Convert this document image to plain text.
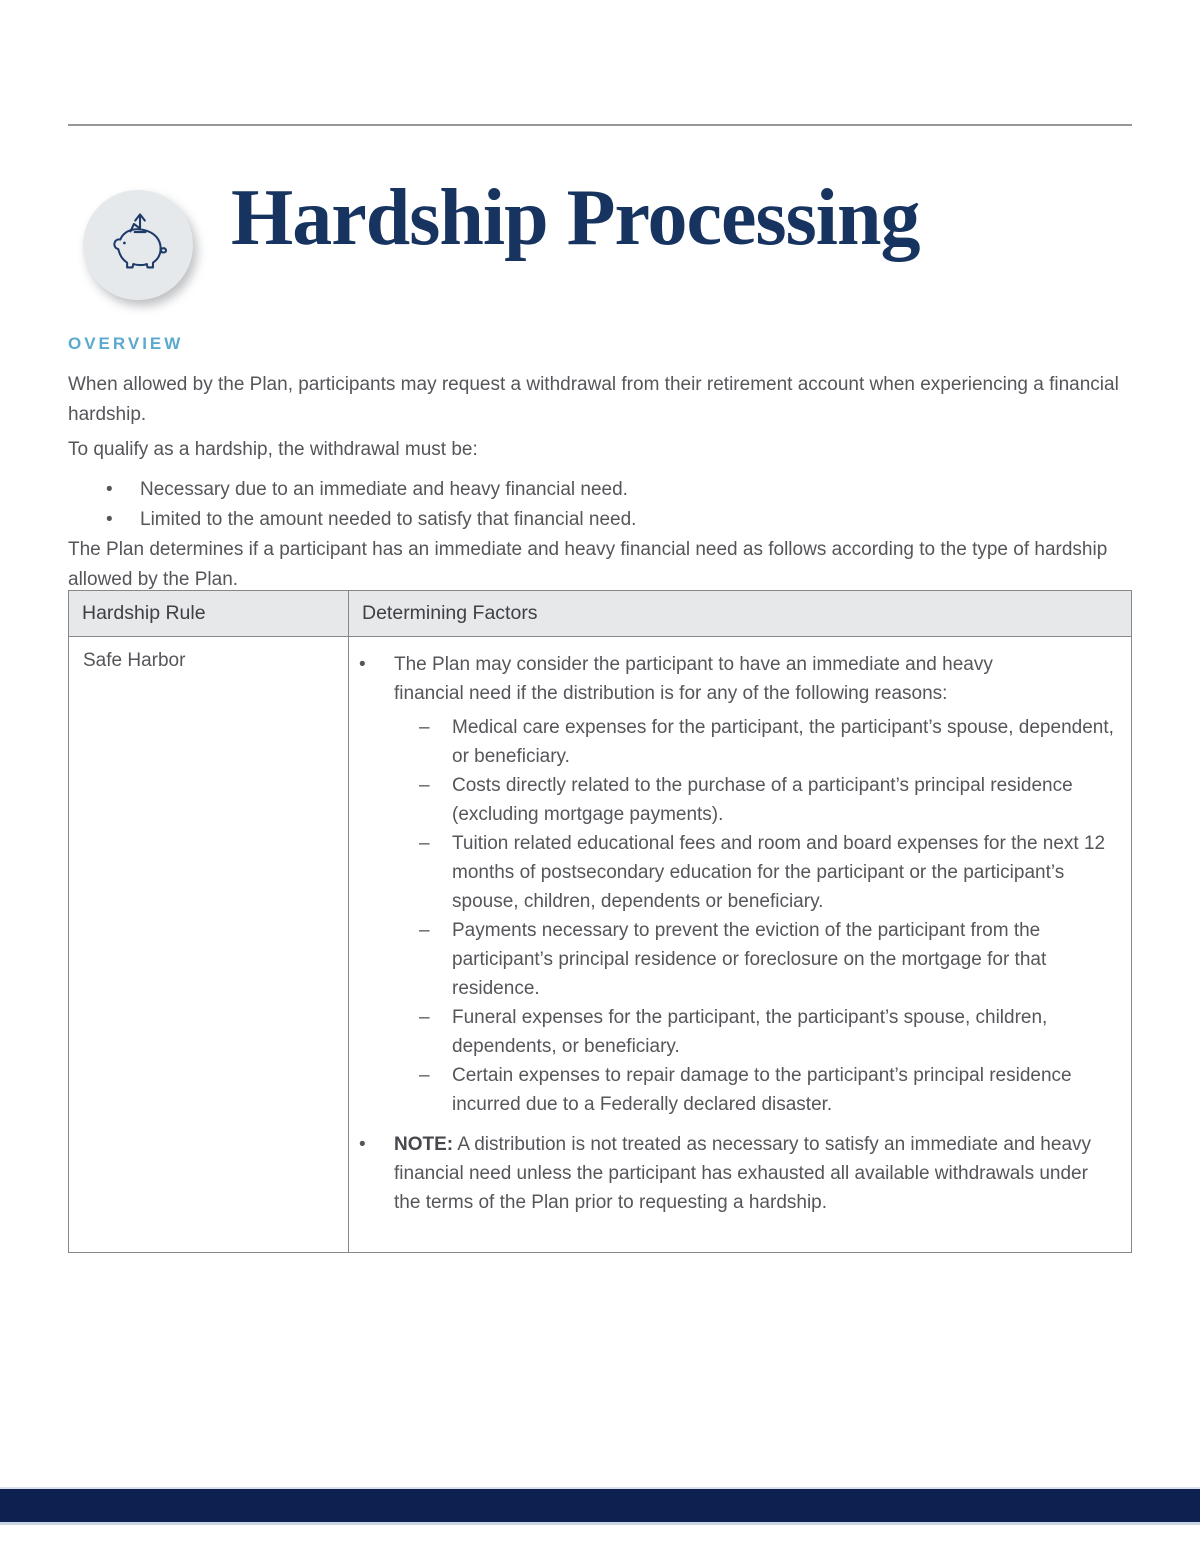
Hardship Processing
OVERVIEW

When allowed by the Plan, participants may request a withdrawal from their retirement account when experiencing a financial hardship.

To qualify as a hardship, the withdrawal must be:

• Necessary due to an immediate and heavy financial need.
• Limited to the amount needed to satisfy that financial need.

The Plan determines if a participant has an immediate and heavy financial need as follows according to the type of hardship allowed by the Plan.

Hardship Rule	Determining Factors
Safe Harbor	
•The Plan may consider the participant to have an immediate and heavy financial need if the distribution is for any of the following reasons:
– Medical care expenses for the participant, the participant’s spouse, dependent, or beneficiary.
– Costs directly related to the purchase of a participant’s principal residence (excluding mortgage payments).
– Tuition related educational fees and room and board expenses for the next 12 months of postsecondary education for the participant or the participant’s spouse, children, dependents or beneficiary.
– Payments necessary to prevent the eviction of the participant from the participant’s principal residence or foreclosure on the mortgage for that residence.
– Funeral expenses for the participant, the participant’s spouse, children, dependents, or beneficiary.
– Certain expenses to repair damage to the participant’s principal residence incurred due to a Federally declared disaster.
• NOTE: A distribution is not treated as necessary to satisfy an immediate and heavy financial need unless the participant has exhausted all available withdrawals under the terms of the Plan prior to requesting a hardship.
